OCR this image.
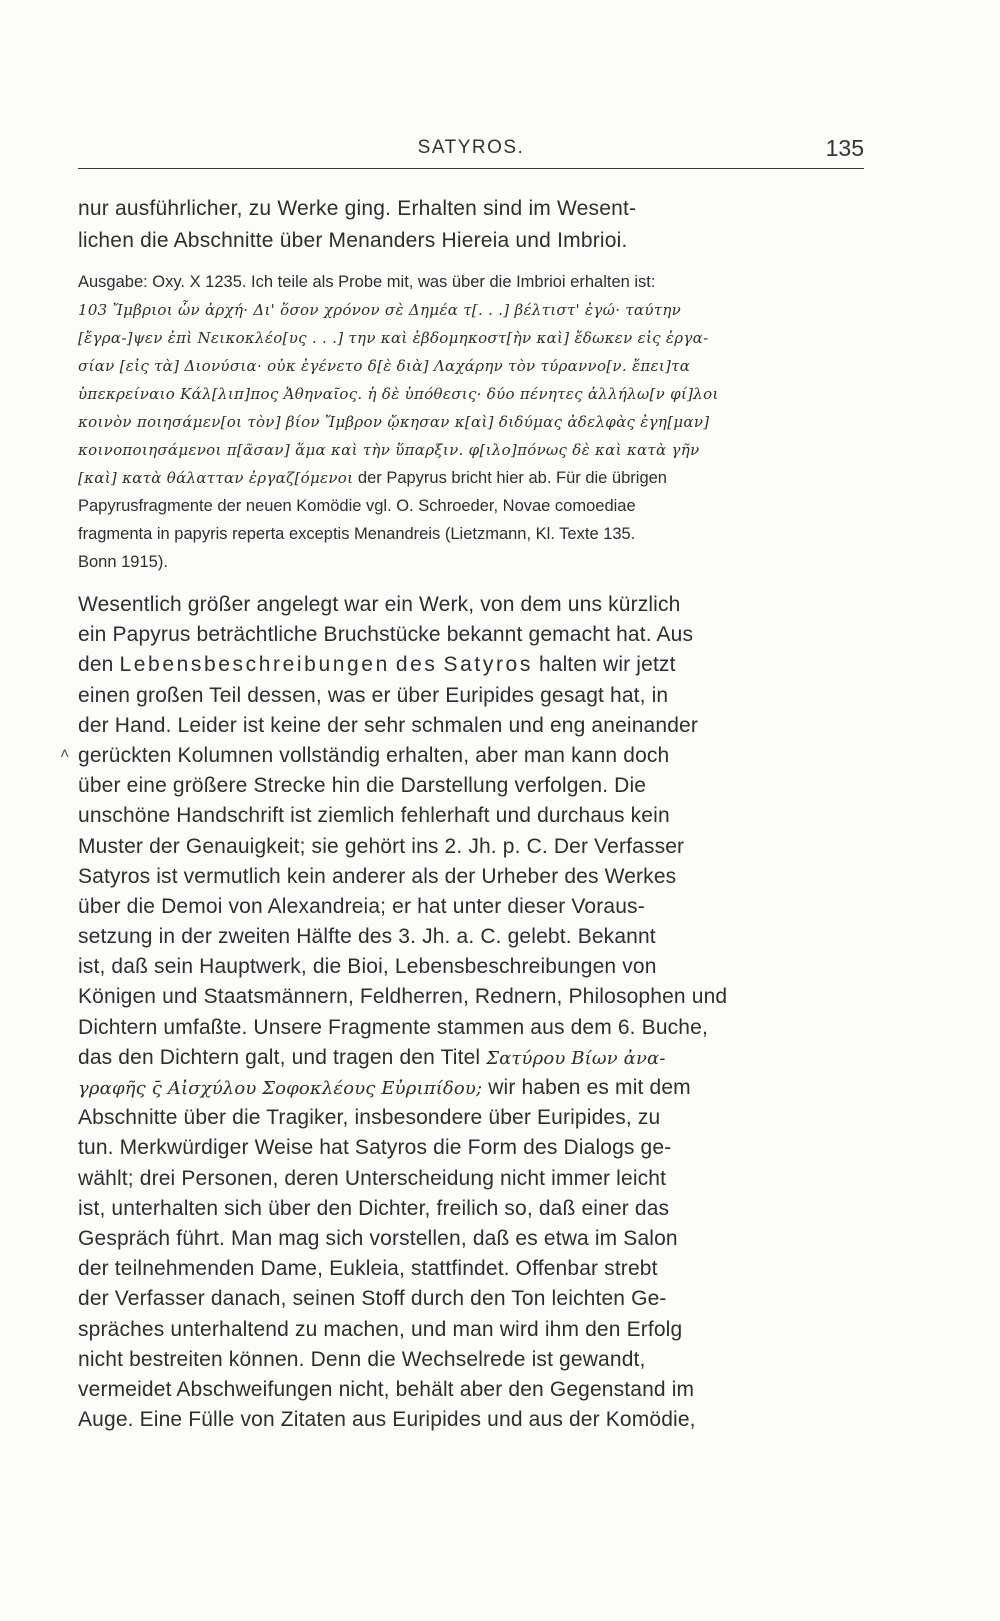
SATYROS.	135
nur ausführlicher, zu Werke ging. Erhalten sind im Wesent-
lichen die Abschnitte über Menanders Hiereia und Imbrioi.
Ausgabe: Oxy. X 1235. Ich teile als Probe mit, was über die Imbrioi erhalten ist:
103 Ἴμβριοι ὧν ἀρχή· Δι' ὅσον χρόνον σὲ Δημέα τ[. . .] βέλτιστ' ἐγώ· ταύτην
[ἔγρα-]ψεν ἐπὶ Νεικοκλέο[υς . . .] την καὶ ἑβδομηκοστ[ὴν καὶ] ἔδωκεν εἰς ἐργα-
σίαν [εἰς τὰ] Διονύσια· οὐκ ἐγένετο δ[ὲ διὰ] Λαχάρην τὸν τύραννο[ν. ἔπει]τα
ὑπεκρείναιο Κάλ[λιπ]πος Ἀθηναῖος. ἡ δὲ ὑπόθεσις· δύο πένητες ἀλλήλω[ν φί]λοι
κοινὸν ποιησάμεν[οι τὸν] βίον Ἴμβρον ᾤκησαν κ[αὶ] διδύμας ἀδελφὰς ἐγη[μαν]
κοινοποιησάμενοι π[ᾶσαν] ἅμα καὶ τὴν ὕπαρξιν. φ[ιλο]πόνως δὲ καὶ κατὰ γῆν
[καὶ] κατὰ θάλατταν ἐργαζ[όμενοι der Papyrus bricht hier ab. Für die übrigen
Papyrusfragmente der neuen Komödie vgl. O. Schroeder, Novae comoediae
fragmenta in papyris reperta exceptis Menandreis (Lietzmann, Kl. Texte 135.
Bonn 1915).
˄
Wesentlich größer angelegt war ein Werk, von dem uns kürzlich
ein Papyrus beträchtliche Bruchstücke bekannt gemacht hat. Aus
den Lebensbeschreibungen des Satyros halten wir jetzt
einen großen Teil dessen, was er über Euripides gesagt hat, in
der Hand. Leider ist keine der sehr schmalen und eng aneinander
gerückten Kolumnen vollständig erhalten, aber man kann doch
über eine größere Strecke hin die Darstellung verfolgen. Die
unschöne Handschrift ist ziemlich fehlerhaft und durchaus kein
Muster der Genauigkeit; sie gehört ins 2. Jh. p. C. Der Verfasser
Satyros ist vermutlich kein anderer als der Urheber des Werkes
über die Demoi von Alexandreia; er hat unter dieser Voraus-
setzung in der zweiten Hälfte des 3. Jh. a. C. gelebt. Bekannt
ist, daß sein Hauptwerk, die Bioi, Lebensbeschreibungen von
Königen und Staatsmännern, Feldherren, Rednern, Philosophen und
Dichtern umfaßte. Unsere Fragmente stammen aus dem 6. Buche,
das den Dichtern galt, und tragen den Titel Σατύρου Βίων ἀνα-
γραφῆς ς̄ Αἰσχύλου Σοφοκλέους Εὐριπίδου; wir haben es mit dem
Abschnitte über die Tragiker, insbesondere über Euripides, zu
tun. Merkwürdiger Weise hat Satyros die Form des Dialogs ge-
wählt; drei Personen, deren Unterscheidung nicht immer leicht
ist, unterhalten sich über den Dichter, freilich so, daß einer das
Gespräch führt. Man mag sich vorstellen, daß es etwa im Salon
der teilnehmenden Dame, Eukleia, stattfindet. Offenbar strebt
der Verfasser danach, seinen Stoff durch den Ton leichten Ge-
spräches unterhaltend zu machen, und man wird ihm den Erfolg
nicht bestreiten können. Denn die Wechselrede ist gewandt,
vermeidet Abschweifungen nicht, behält aber den Gegenstand im
Auge. Eine Fülle von Zitaten aus Euripides und aus der Komödie,
